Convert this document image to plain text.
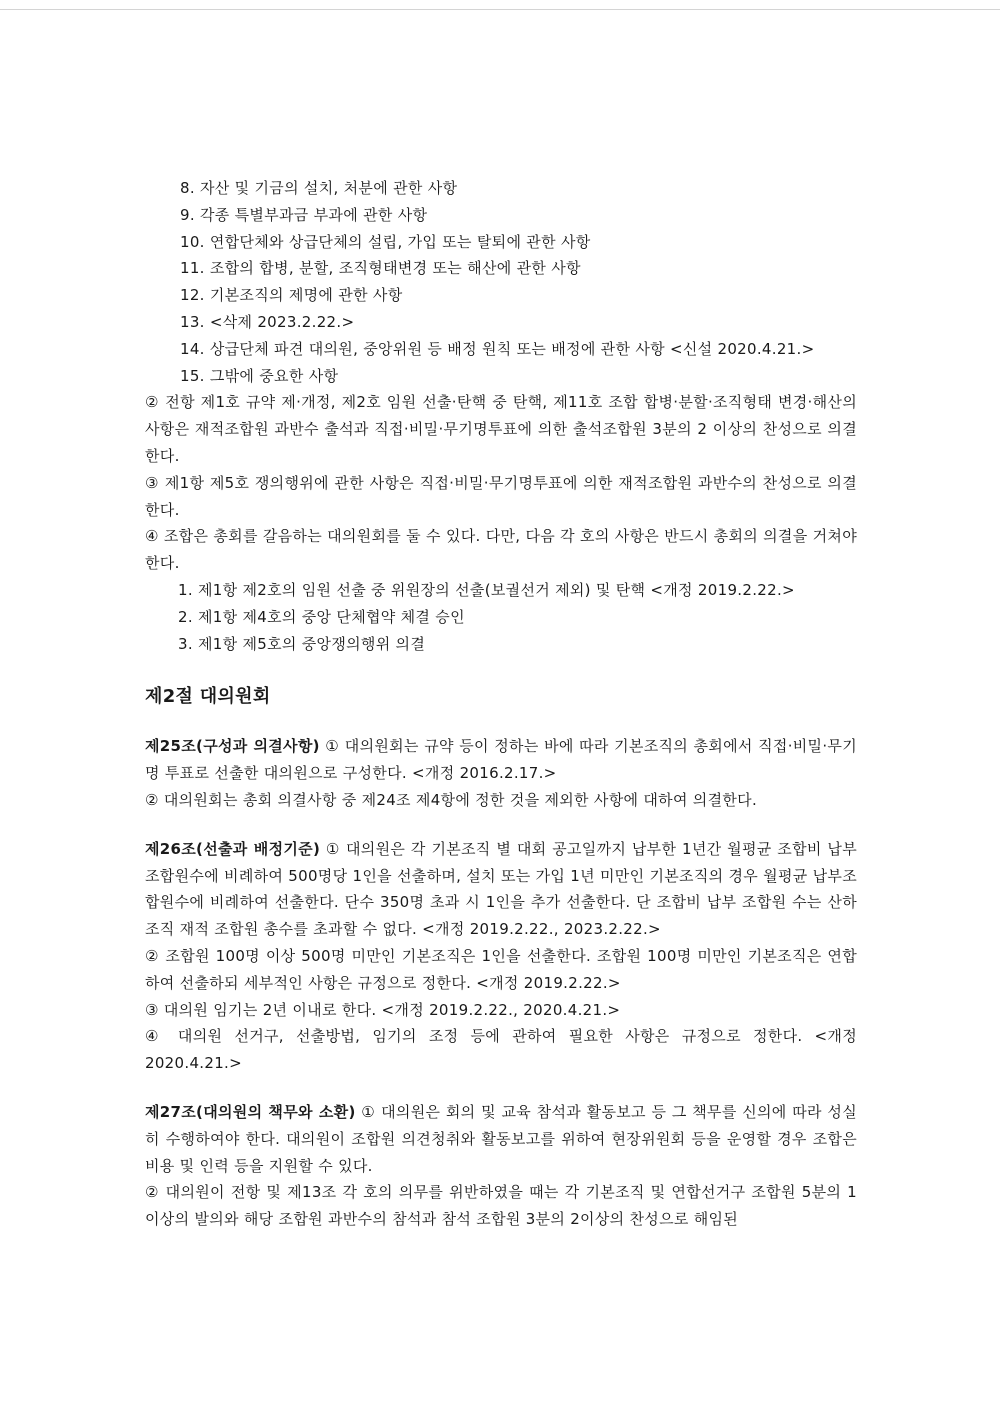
8. 자산 및 기금의 설치, 처분에 관한 사항

9. 각종 특별부과금 부과에 관한 사항

10. 연합단체와 상급단체의 설립, 가입 또는 탈퇴에 관한 사항

11. 조합의 합병, 분할, 조직형태변경 또는 해산에 관한 사항

12. 기본조직의 제명에 관한 사항

13. <삭제 2023.2.22.>

14. 상급단체 파견 대의원, 중앙위원 등 배정 원칙 또는 배정에 관한 사항 <신설 2020.4.21.>

15. 그밖에 중요한 사항

② 전항 제1호 규약 제·개정, 제2호 임원 선출·탄핵 중 탄핵, 제11호 조합 합병·분할·조직형태 변경·해산의 사항은 재적조합원 과반수 출석과 직접·비밀·무기명투표에 의한 출석조합원 3분의 2 이상의 찬성으로 의결한다.

③ 제1항 제5호 쟁의행위에 관한 사항은 직접·비밀·무기명투표에 의한 재적조합원 과반수의 찬성으로 의결한다.

④ 조합은 총회를 갈음하는 대의원회를 둘 수 있다. 다만, 다음 각 호의 사항은 반드시 총회의 의결을 거쳐야 한다.

1. 제1항 제2호의 임원 선출 중 위원장의 선출(보궐선거 제외) 및 탄핵 <개정 2019.2.22.>

2. 제1항 제4호의 중앙 단체협약 체결 승인

3. 제1항 제5호의 중앙쟁의행위 의결

제2절 대의원회

제25조(구성과 의결사항) ① 대의원회는 규약 등이 정하는 바에 따라 기본조직의 총회에서 직접·비밀·무기명 투표로 선출한 대의원으로 구성한다. <개정 2016.2.17.>

② 대의원회는 총회 의결사항 중 제24조 제4항에 정한 것을 제외한 사항에 대하여 의결한다.

제26조(선출과 배정기준) ① 대의원은 각 기본조직 별 대회 공고일까지 납부한 1년간 월평균 조합비 납부 조합원수에 비례하여 500명당 1인을 선출하며, 설치 또는 가입 1년 미만인 기본조직의 경우 월평균 납부조합원수에 비례하여 선출한다. 단수 350명 초과 시 1인을 추가 선출한다. 단 조합비 납부 조합원 수는 산하조직 재적 조합원 총수를 초과할 수 없다. <개정 2019.2.22., 2023.2.22.>

② 조합원 100명 이상 500명 미만인 기본조직은 1인을 선출한다. 조합원 100명 미만인 기본조직은 연합하여 선출하되 세부적인 사항은 규정으로 정한다. <개정 2019.2.22.>

③ 대의원 임기는 2년 이내로 한다. <개정 2019.2.22., 2020.4.21.>

④ 대의원 선거구, 선출방법, 임기의 조정 등에 관하여 필요한 사항은 규정으로 정한다. <개정 2020.4.21.>

제27조(대의원의 책무와 소환) ① 대의원은 회의 및 교육 참석과 활동보고 등 그 책무를 신의에 따라 성실히 수행하여야 한다. 대의원이 조합원 의견청취와 활동보고를 위하여 현장위원회 등을 운영할 경우 조합은 비용 및 인력 등을 지원할 수 있다.

② 대의원이 전항 및 제13조 각 호의 의무를 위반하였을 때는 각 기본조직 및 연합선거구 조합원 5분의 1 이상의 발의와 해당 조합원 과반수의 참석과 참석 조합원 3분의 2이상의 찬성으로 해임된
